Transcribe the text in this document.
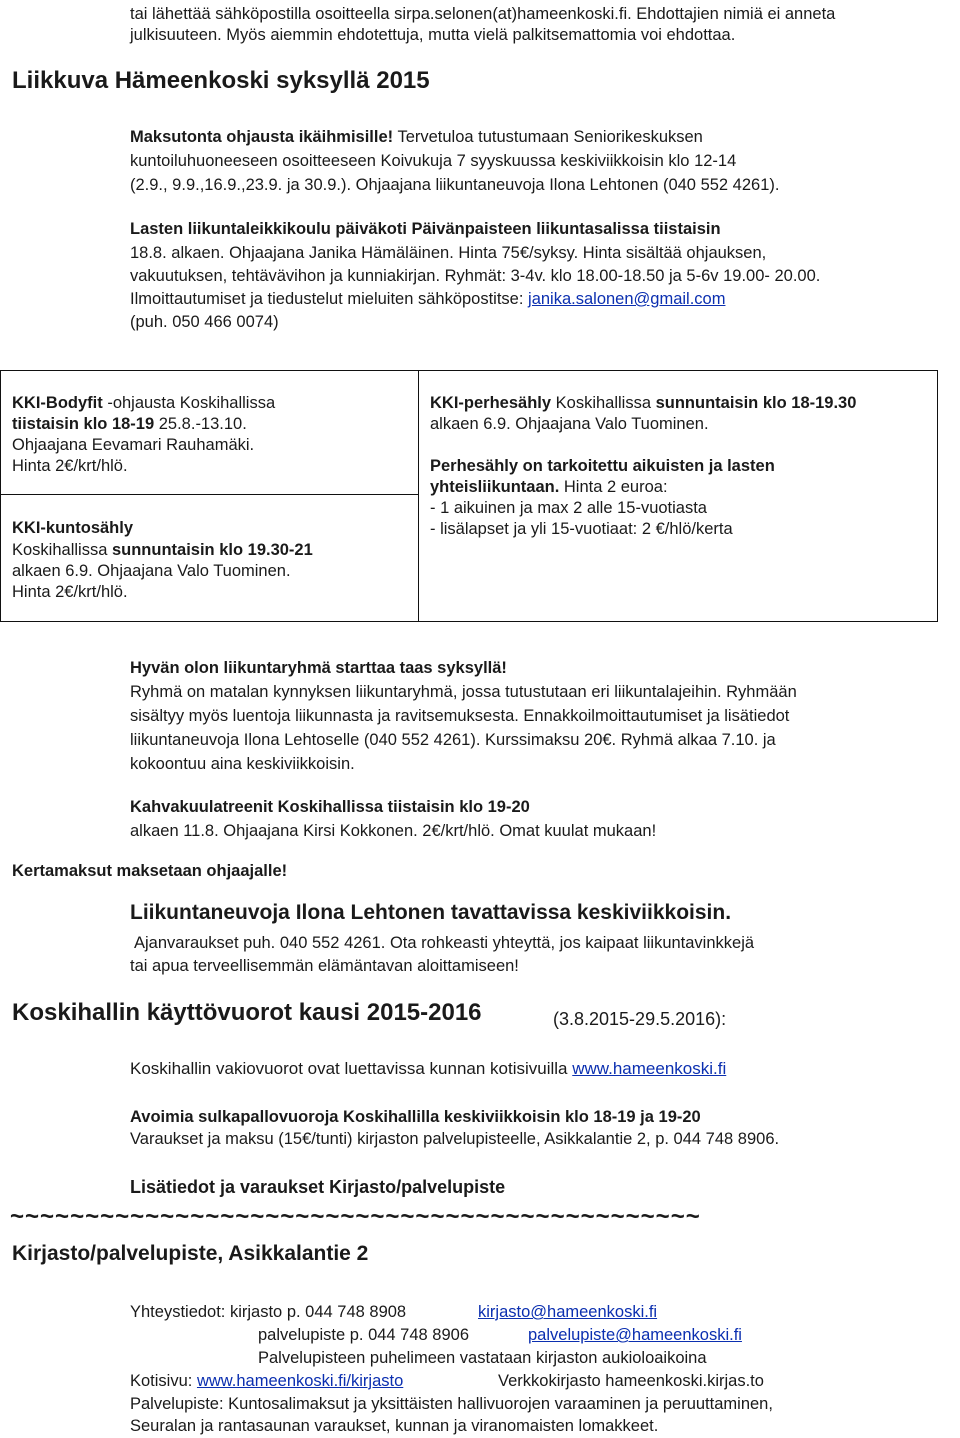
tai lähettää sähköpostilla osoitteella sirpa.selonen(at)hameenkoski.fi. Ehdottajien nimiä ei anneta
julkisuuteen. Myös aiemmin ehdotettuja, mutta vielä palkitsemattomia voi ehdottaa.
Liikkuva Hämeenkoski syksyllä 2015
Maksutonta ohjausta ikäihmisille! Tervetuloa tutustumaan Seniorikeskuksen
kuntoiluhuoneeseen osoitteeseen Koivukuja 7 syyskuussa keskiviikkoisin klo 12-14
(2.9., 9.9.,16.9.,23.9. ja 30.9.). Ohjaajana liikuntaneuvoja Ilona Lehtonen (040 552 4261).
Lasten liikuntaleikkikoulu päiväkoti Päivänpaisteen liikuntasalissa tiistaisin
18.8. alkaen. Ohjaajana Janika Hämäläinen. Hinta 75€/syksy. Hinta sisältää ohjauksen,
vakuutuksen, tehtävävihon ja kunniakirjan. Ryhmät: 3-4v. klo 18.00-18.50 ja 5-6v 19.00- 20.00.
Ilmoittautumiset ja tiedustelut mieluiten sähköpostitse: janika.salonen@gmail.com
(puh. 050 466 0074)
KKI-Bodyfit -ohjausta Koskihallissa
tiistaisin klo 18-19 25.8.-13.10.
Ohjaajana Eevamari Rauhamäki.
Hinta 2€/krt/hlö.
KKI-kuntosähly
Koskihallissa sunnuntaisin klo 19.30-21
alkaen 6.9. Ohjaajana Valo Tuominen.
Hinta 2€/krt/hlö.
KKI-perhesähly Koskihallissa sunnuntaisin klo 18-19.30
alkaen 6.9. Ohjaajana Valo Tuominen.
Perhesähly on tarkoitettu aikuisten ja lasten
yhteisliikuntaan. Hinta 2 euroa:
- 1 aikuinen ja max 2 alle 15-vuotiasta
- lisälapset ja yli 15-vuotiaat: 2 €/hlö/kerta
Hyvän olon liikuntaryhmä starttaa taas syksyllä!
Ryhmä on matalan kynnyksen liikuntaryhmä, jossa tutustutaan eri liikuntalajeihin. Ryhmään
sisältyy myös luentoja liikunnasta ja ravitsemuksesta. Ennakkoilmoittautumiset ja lisätiedot
liikuntaneuvoja Ilona Lehtoselle (040 552 4261). Kurssimaksu 20€. Ryhmä alkaa 7.10. ja
kokoontuu aina keskiviikkoisin.
Kahvakuulatreenit Koskihallissa tiistaisin klo 19-20
alkaen 11.8. Ohjaajana Kirsi Kokkonen. 2€/krt/hlö. Omat kuulat mukaan!
Kertamaksut maksetaan ohjaajalle!
Liikuntaneuvoja Ilona Lehtonen tavattavissa keskiviikkoisin.
Ajanvaraukset puh. 040 552 4261. Ota rohkeasti yhteyttä, jos kaipaat liikuntavinkkejä
tai apua terveellisemmän elämäntavan aloittamiseen!
Koskihallin käyttövuorot kausi 2015-2016	(3.8.2015-29.5.2016):
Koskihallin vakiovuorot ovat luettavissa kunnan kotisivuilla www.hameenkoski.fi
Avoimia sulkapallovuoroja Koskihallilla keskiviikkoisin klo 18-19 ja 19-20
Varaukset ja maksu (15€/tunti) kirjaston palvelupisteelle, Asikkalantie 2, p. 044 748 8906.
Lisätiedot ja varaukset Kirjasto/palvelupiste
~~~~~~~~~~~~~~~~~~~~~~~~~~~~~~~~~~~~~~~~~~~~~~
Kirjasto/palvelupiste, Asikkalantie 2
Yhteystiedot: kirjasto p. 044 748 8908	kirjasto@hameenkoski.fi
palvelupiste p. 044 748 8906	palvelupiste@hameenkoski.fi
Palvelupisteen puhelimeen vastataan kirjaston aukioloaikoina
Kotisivu: www.hameenkoski.fi/kirjasto	Verkkokirjasto hameenkoski.kirjas.to
Palvelupiste: Kuntosalimaksut ja yksittäisten hallivuorojen varaaminen ja peruuttaminen,
Seuralan ja rantasaunan varaukset, kunnan ja viranomaisten lomakkeet.
